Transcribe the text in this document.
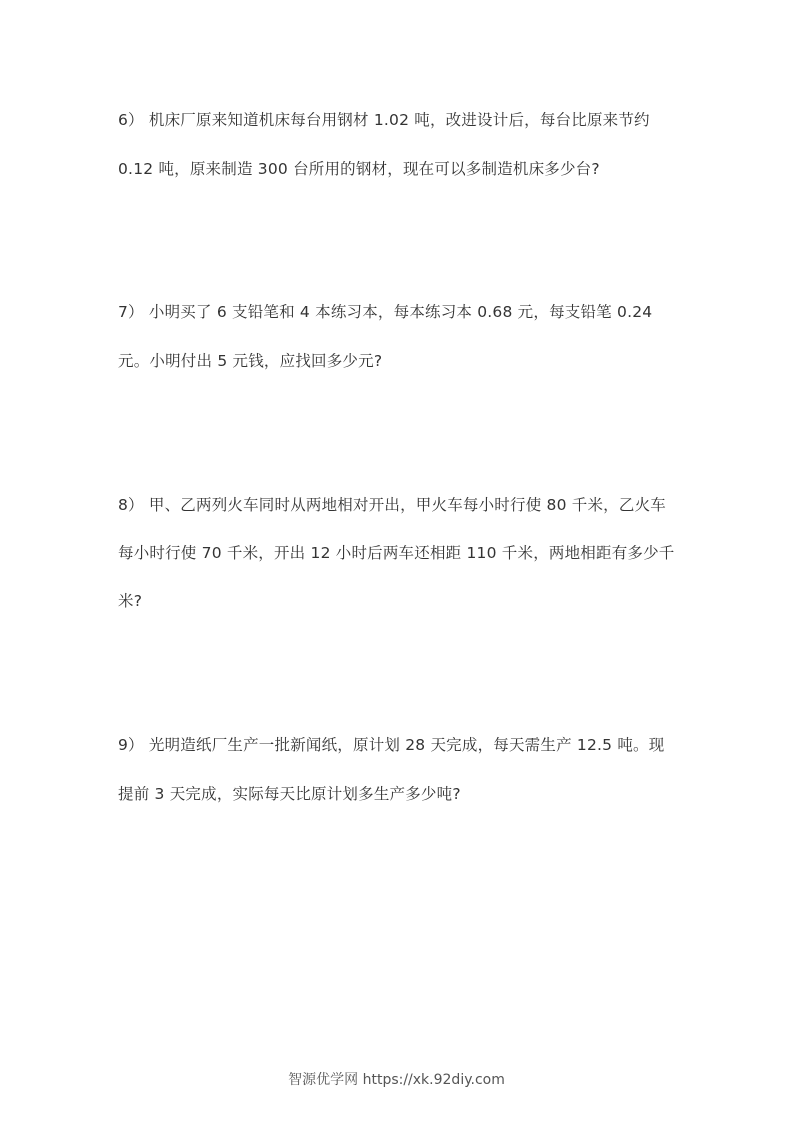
6） 机床厂原来知道机床每台用钢材 1.02 吨，改进设计后，每台比原来节约
0.12 吨，原来制造 300 台所用的钢材，现在可以多制造机床多少台?
7） 小明买了 6 支铅笔和 4 本练习本，每本练习本 0.68 元，每支铅笔 0.24
元。小明付出 5 元钱，应找回多少元?
8） 甲、乙两列火车同时从两地相对开出，甲火车每小时行使 80 千米，乙火车
每小时行使 70 千米，开出 12 小时后两车还相距 110 千米，两地相距有多少千
米?
9） 光明造纸厂生产一批新闻纸，原计划 28 天完成，每天需生产 12.5 吨。现
提前 3 天完成，实际每天比原计划多生产多少吨?
智源优学网 https://xk.92diy.com
